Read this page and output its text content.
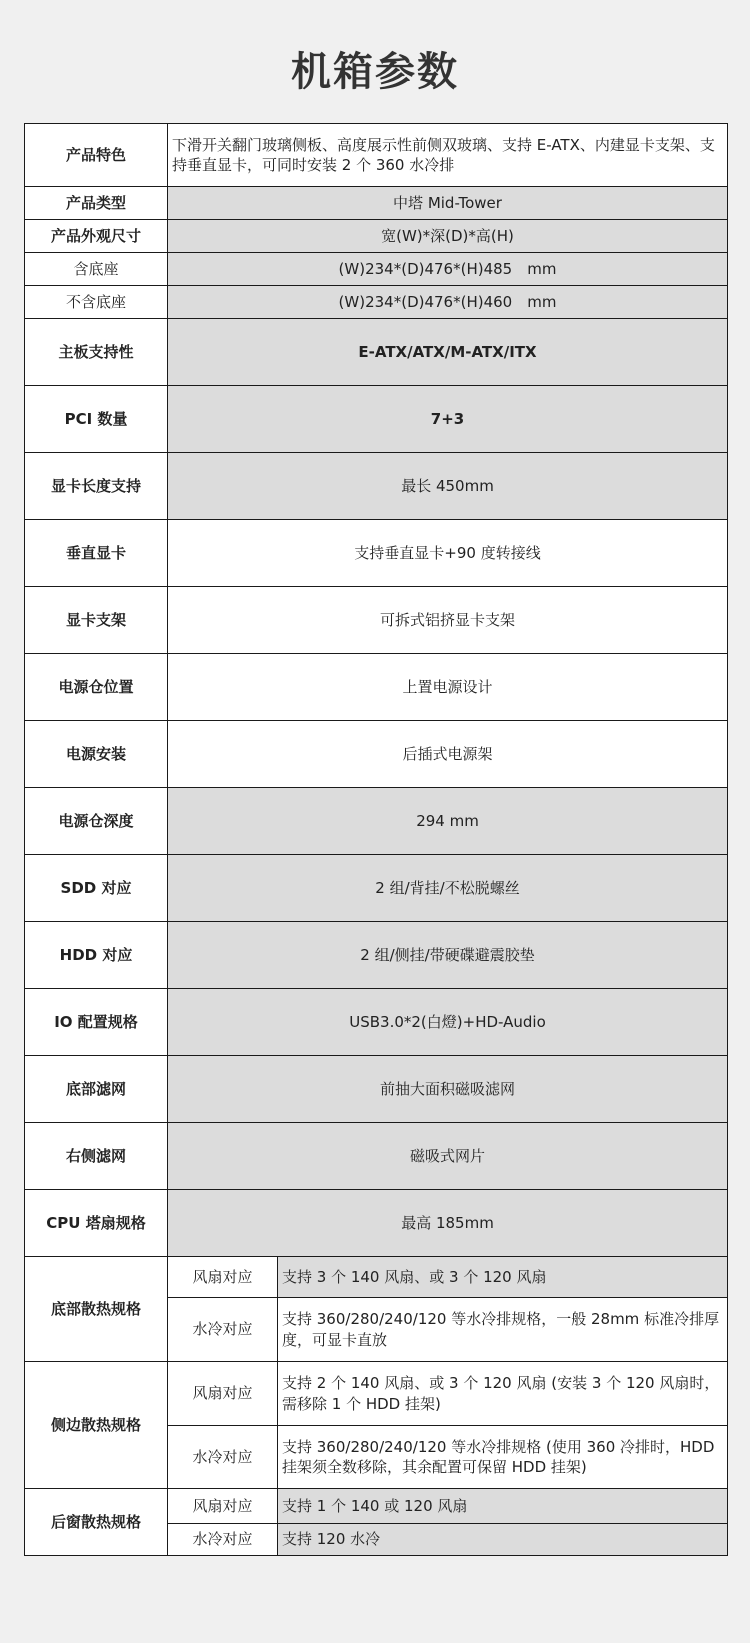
机箱参数
产品特色	下滑开关翻门玻璃侧板、高度展示性前侧双玻璃、支持 E-ATX、内建显卡支架、支持垂直显卡，可同时安装 2 个 360 水冷排	
产品类型	中塔 Mid-Tower	
产品外观尺寸	宽(W)*深(D)*高(H)	
含底座	(W)234*(D)476*(H)485　mm	
不含底座	(W)234*(D)476*(H)460　mm	
主板支持性	E-ATX/ATX/M-ATX/ITX	
PCI 数量	7+3	
显卡长度支持	最长 450mm	
垂直显卡	支持垂直显卡+90 度转接线	
显卡支架	可拆式铝挤显卡支架	
电源仓位置	上置电源设计	
电源安装	后插式电源架	
电源仓深度	294 mm	
SDD 对应	2 组/背挂/不松脱螺丝	
HDD 对应	2 组/侧挂/带硬碟避震胶垫	
IO 配置规格	USB3.0*2(白燈)+HD-Audio	
底部滤网	前抽大面积磁吸滤网	
右侧滤网	磁吸式网片	
CPU 塔扇规格	最高 185mm	
底部散热规格	风扇对应	支持 3 个 140 风扇、或 3 个 120 风扇
	水冷对应	支持 360/280/240/120 等水冷排规格，一般 28mm 标准冷排厚度，可显卡直放
侧边散热规格	风扇对应	支持 2 个 140 风扇、或 3 个 120 风扇 (安装 3 个 120 风扇时，需移除 1 个 HDD 挂架)
	水冷对应	支持 360/280/240/120 等水冷排规格 (使用 360 冷排时，HDD 挂架须全数移除，其余配置可保留 HDD 挂架)
后窗散热规格	风扇对应	支持 1 个 140 或 120 风扇
	水冷对应	支持 120 水冷
